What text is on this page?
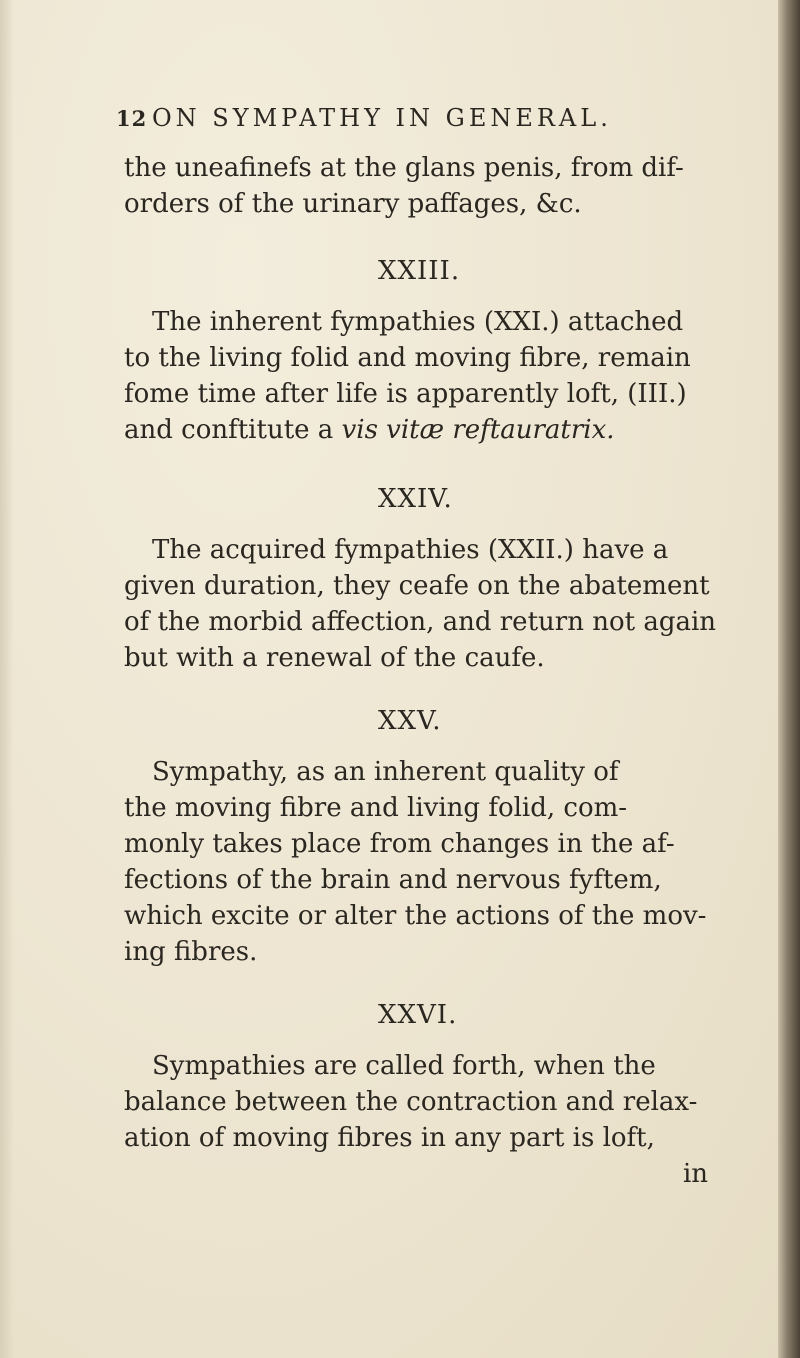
12 ON SYMPATHY IN GENERAL.
the uneafinefs at the glans penis, from dif-
orders of the urinary paffages, &c.
XXIII.
The inherent fympathies (XXI.) attached
to the living folid and moving fibre, remain
fome time after life is apparently loft, (III.)
and conftitute a vis vitæ reftauratrix.
XXIV.
The acquired fympathies (XXII.) have a
given duration, they ceafe on the abatement
of the morbid affection, and return not again
but with a renewal of the caufe.
XXV.
Sympathy, as an inherent quality of
the moving fibre and living folid, com-
monly takes place from changes in the af-
fections of the brain and nervous fyftem,
which excite or alter the actions of the mov-
ing fibres.
XXVI.
Sympathies are called forth, when the
balance between the contraction and relax-
ation of moving fibres in any part is loft,
in
